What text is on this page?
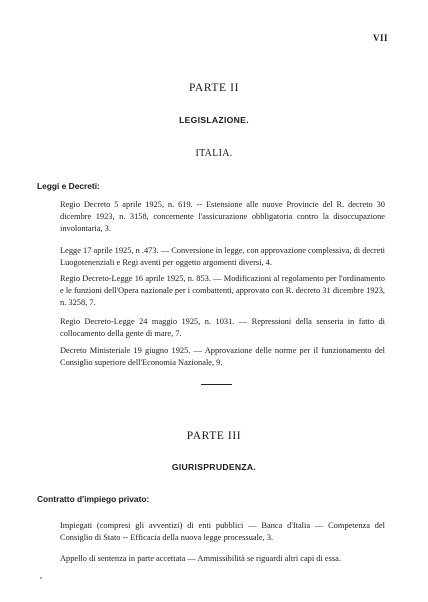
VII
PARTE II
LEGISLAZIONE.
ITALIA.
Leggi e Decreti:

Regio Decreto 5 aprile 1925, n. 619. -- Estensione alle nuove Provincie del R. decreto 30 dicembre 1923, n. 3158, concernente l'assicurazione obbligatoria contro la disoccupazione involontaria, 3.

Legge 17 aprile 1925, n .473. — Conversione in legge, con approvazione complessiva, di decreti Luogotenenziali e Regi aventi per oggetto argomenti diversi, 4.

Regio Decreto-Legge 16 aprile 1925, n. 853. — Modificazioni al regolamento per l'ordinamento e le funzioni dell'Opera nazionale per i combattenti, approvato con R. decreto 31 dicembre 1923, n. 3258, 7.

Regio Decreto-Legge 24 maggio 1925, n. 1031. — Repressioni della senseria in fatto di collocamento della gente di mare, 7.

Decreto Ministeriale 19 giugno 1925. — Approvazione delle norme per il funzionamento del Consiglio superiore dell'Economia Nazionale, 9.

PARTE III
GIURISPRUDENZA.
Contratto d'impiego privato:

Impiegati (compresi gli avventizi) di enti pubblici — Banca d'Italia — Competenza del Consiglio di Stato -- Efficacia della nuova legge processuale, 3.

Appello di sentenza in parte accettata — Ammissibilità se riguardi altri capi di essa.
